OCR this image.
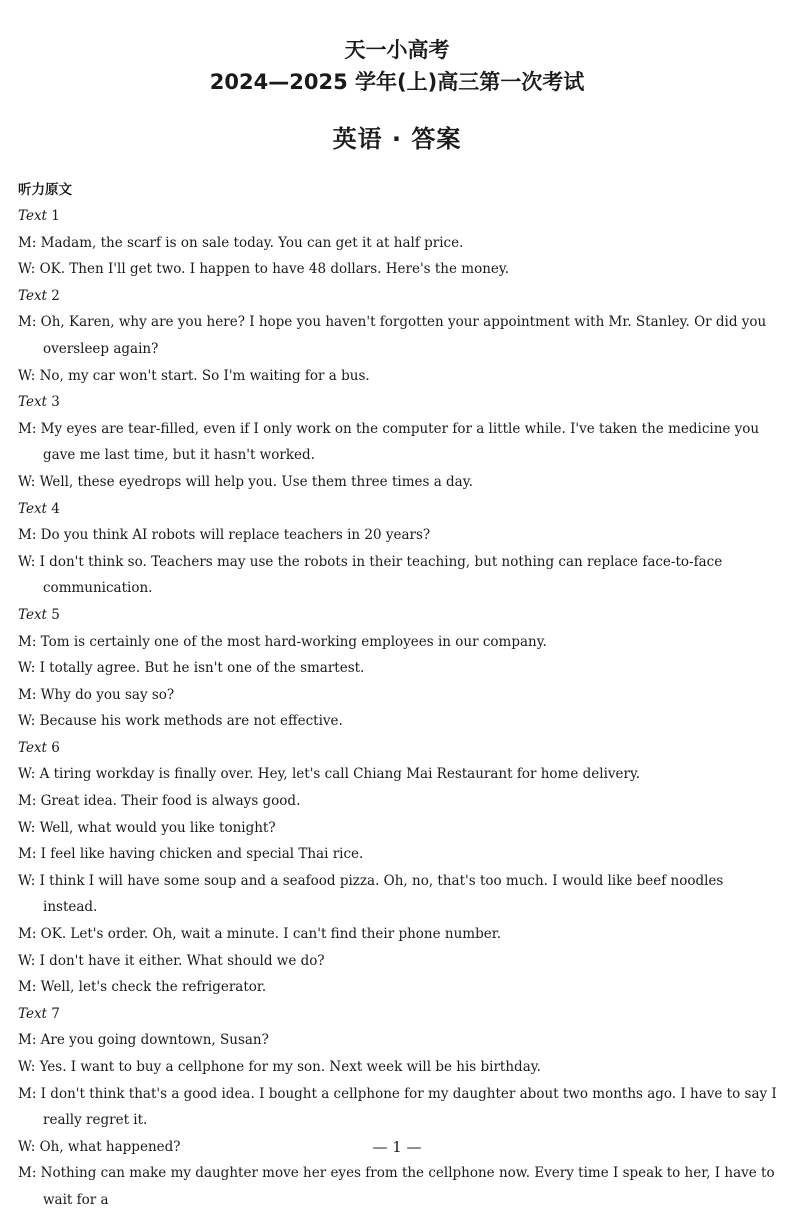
天一小高考
2024—2025 学年(上)高三第一次考试
英语 · 答案
听力原文
Text 1
M: Madam, the scarf is on sale today. You can get it at half price.
W: OK. Then I'll get two. I happen to have 48 dollars. Here's the money.
Text 2
M: Oh, Karen, why are you here? I hope you haven't forgotten your appointment with Mr. Stanley. Or did you oversleep again?
W: No, my car won't start. So I'm waiting for a bus.
Text 3
M: My eyes are tear-filled, even if I only work on the computer for a little while. I've taken the medicine you gave me last time, but it hasn't worked.
W: Well, these eyedrops will help you. Use them three times a day.
Text 4
M: Do you think AI robots will replace teachers in 20 years?
W: I don't think so. Teachers may use the robots in their teaching, but nothing can replace face-to-face communication.
Text 5
M: Tom is certainly one of the most hard-working employees in our company.
W: I totally agree. But he isn't one of the smartest.
M: Why do you say so?
W: Because his work methods are not effective.
Text 6
W: A tiring workday is finally over. Hey, let's call Chiang Mai Restaurant for home delivery.
M: Great idea. Their food is always good.
W: Well, what would you like tonight?
M: I feel like having chicken and special Thai rice.
W: I think I will have some soup and a seafood pizza. Oh, no, that's too much. I would like beef noodles instead.
M: OK. Let's order. Oh, wait a minute. I can't find their phone number.
W: I don't have it either. What should we do?
M: Well, let's check the refrigerator.
Text 7
M: Are you going downtown, Susan?
W: Yes. I want to buy a cellphone for my son. Next week will be his birthday.
M: I don't think that's a good idea. I bought a cellphone for my daughter about two months ago. I have to say I really regret it.
W: Oh, what happened?
M: Nothing can make my daughter move her eyes from the cellphone now. Every time I speak to her, I have to wait for a
— 1 —
